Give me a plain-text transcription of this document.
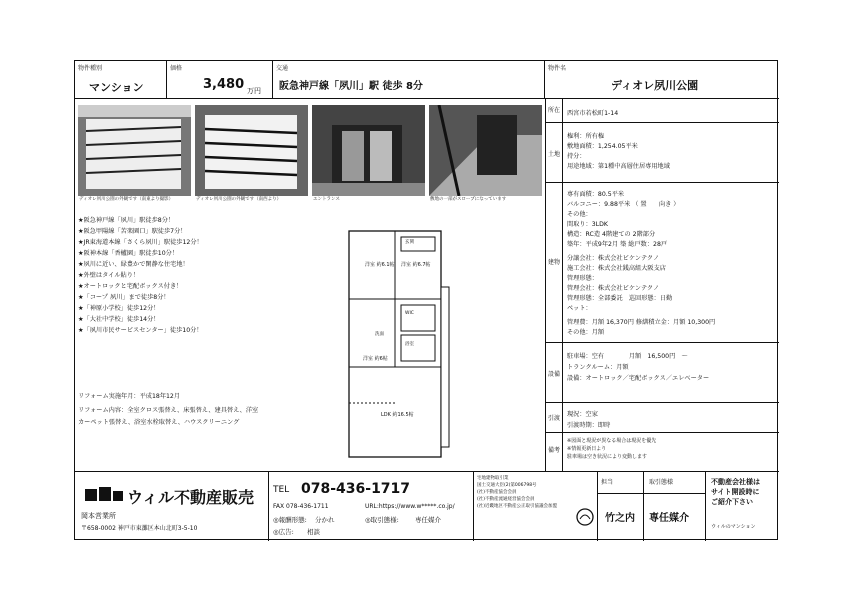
物件種別
マンション
価格
3,480 万円
交通
阪急神戸線「夙川」駅 徒歩 8分
物件名
ディオレ夙川公園
ディオレ夙川公園の外観です（南東より撮影）	ディオレ夙川公園の外観です（南西より）	エントランス	敷地の一部がスロープになっています
所在 西宮市若松町1-14
土地
権利：所有権
敷地面積：1,254.05平米
持分：
用途地域：第1種中高層住居専用地域
建物
専有面積：80.5平米
バルコニー：9.88平米 （ 置　　向き ）
その他：
間取り：3LDK
構造：RC造 4階建ての 2階部分
築年：平成9年2月 築 総戸数：28戸
分譲会社：株式会社ビケンテクノ
施工会社：株式会社銭高組大阪支店
管理形態：
管理会社：株式会社ビケンテクノ
管理形態：全部委託　巡回形態：日勤
ペット：
管理費：月額 16,370円 修繕積立金：月額 10,300円
その他：月額
設備
駐車場：空有　　　　月額　16,500円　～
トランクルーム：月額
設備：オートロック／宅配ボックス／エレベーター
引渡
現況：空家
引渡時期：即時
備考
※図面と現況が異なる場合は現況を優先
※情報更新日より
駐車場は空き状況により変動します
★阪急神戸線「夙川」駅徒歩8分！
★阪急甲陽線「苦楽園口」駅徒歩7分！
★JR東海道本線「さくら夙川」駅徒歩12分！
★阪神本線「香櫨園」駅徒歩10分！
★夙川に近い、緑豊かで閑静な住宅地！
★外壁はタイル貼り！
★オートロックと宅配ボックス付き！
★「コープ 夙川」まで徒歩8分！
★「神原小学校」徒歩12分！
★「大社中学校」徒歩14分！
★「夙川市民サービスセンター」徒歩10分！
リフォーム実施年月：平成18年12月
リフォーム内容：全室クロス張替え、床張替え、建具替え、洋室
カーペット張替え、浴室水栓取替え、ハウスクリーニング
洋室 約6.1帖 洋室 約6.7帖
洋室 約6帖
LDK 約16.5帖
玄関
WIC
浴室
洗面
ウィル不動産販売
岡本営業所
〒658-0002 神戸市東灘区本山北町3-5-10
TEL 078-436-1717
FAX 078-436-1711	URL:https://www.w*****.co.jp/
◎報酬形態: 分かれ	◎取引態様: 専任媒介
◎広告: 相談
宅地建物取引業
国土交通大臣(2)第006798号
(社)不動産協会会員
(社)不動産流通経営協会会員
(社)近畿地区不動産公正取引協議会加盟
担当
竹之内
取引態様
専任媒介
不動産会社様は
サイト開設時に
ご紹介下さい
ウィルのマンション
